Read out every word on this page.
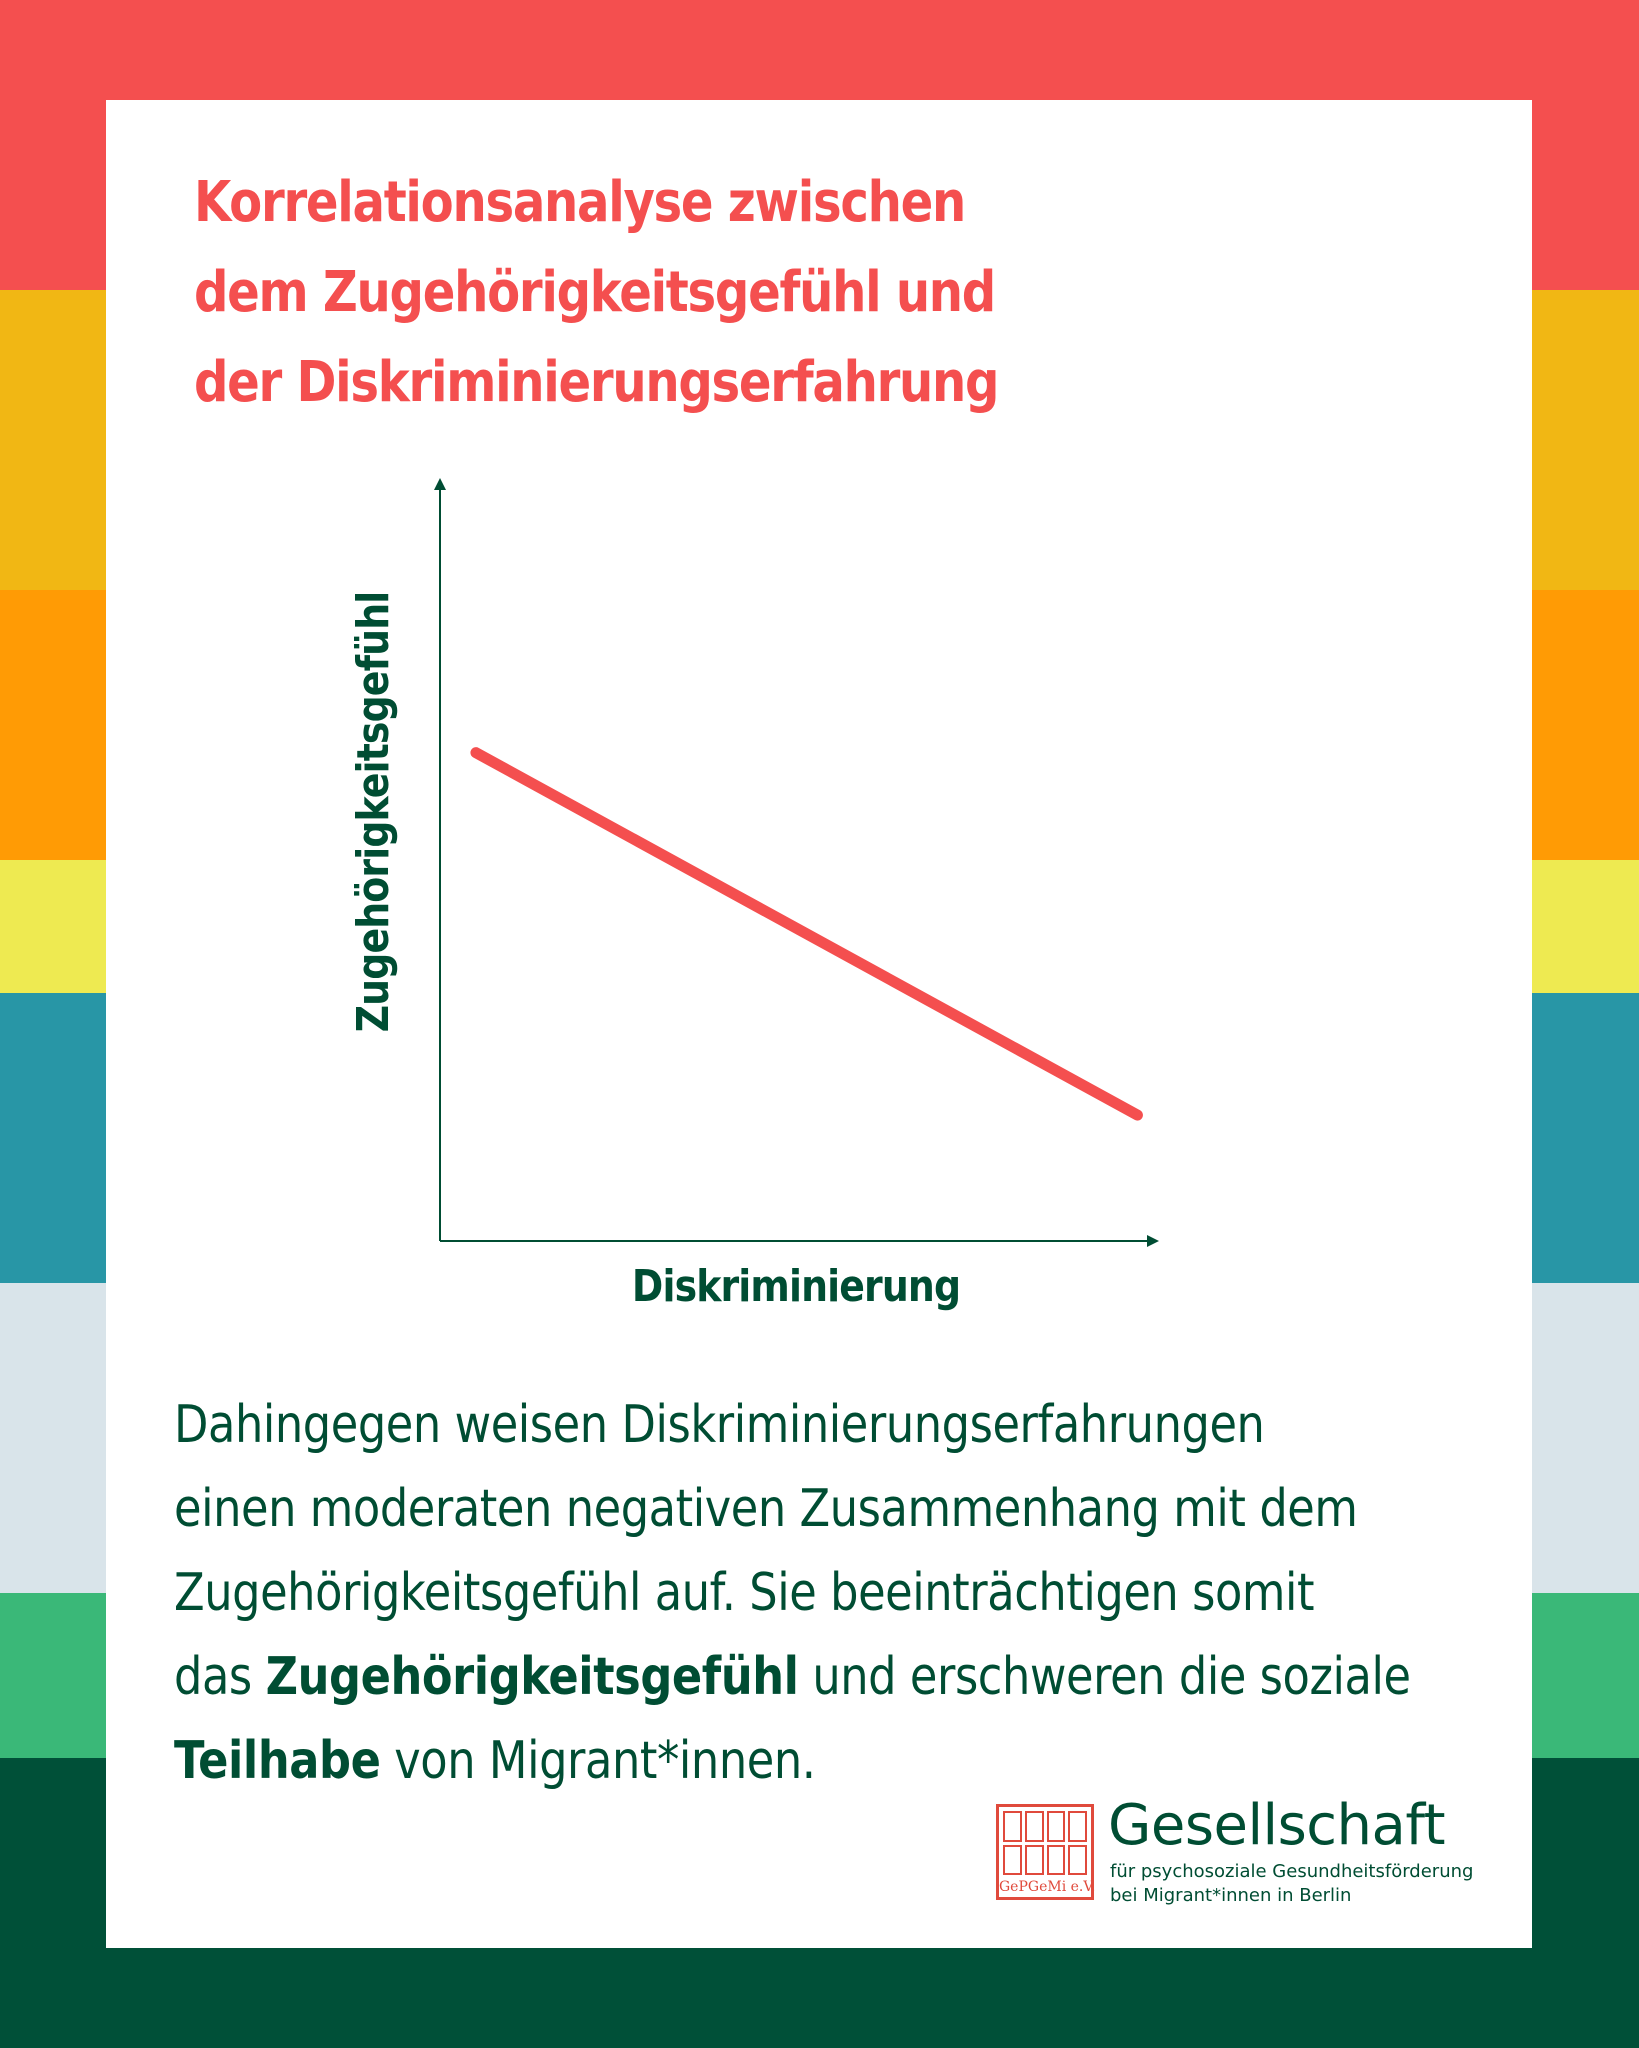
Korrelationsanalyse zwischen
dem Zugehörigkeitsgefühl und
der Diskriminierungserfahrung
Diskriminierung
Zugehörigkeitsgefühl

Dahingegen weisen Diskriminierungserfahrungen
einen moderaten negativen Zusammenhang mit dem
Zugehörigkeitsgefühl auf. Sie beeinträchtigen somit
das Zugehörigkeitsgefühl und erschweren die soziale
Teilhabe von Migrant*innen.

GePGeMi e.V.
Gesellschaft
für psychosoziale Gesundheitsförderung
bei Migrant*innen in Berlin
